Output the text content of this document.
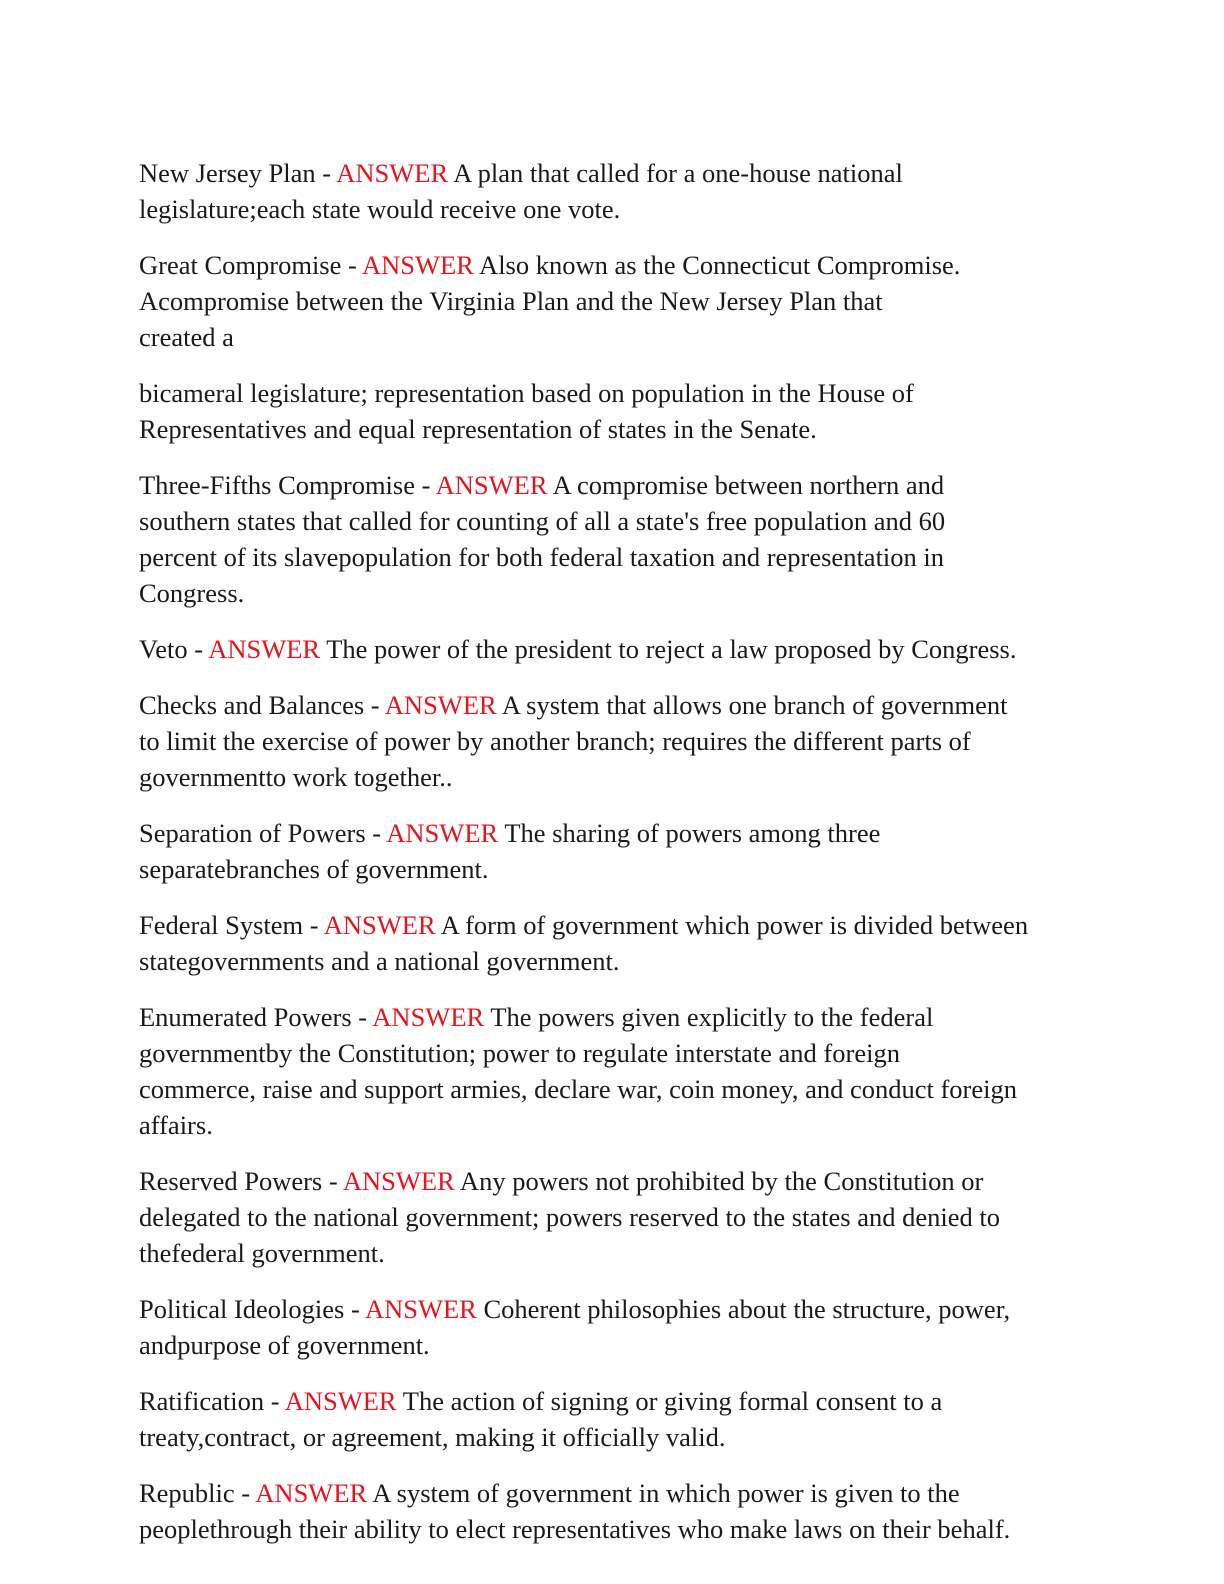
New Jersey Plan - ANSWER A plan that called for a one-house national
legislature;each state would receive one vote.

Great Compromise - ANSWER Also known as the Connecticut Compromise.
Acompromise between the Virginia Plan and the New Jersey Plan that
created a

bicameral legislature; representation based on population in the House of
Representatives and equal representation of states in the Senate.

Three-Fifths Compromise - ANSWER A compromise between northern and
southern states that called for counting of all a state's free population and 60
percent of its slavepopulation for both federal taxation and representation in
Congress.

Veto - ANSWER The power of the president to reject a law proposed by Congress.

Checks and Balances - ANSWER A system that allows one branch of government
to limit the exercise of power by another branch; requires the different parts of
governmentto work together..

Separation of Powers - ANSWER The sharing of powers among three
separatebranches of government.

Federal System - ANSWER A form of government which power is divided between
stategovernments and a national government.

Enumerated Powers - ANSWER The powers given explicitly to the federal
governmentby the Constitution; power to regulate interstate and foreign
commerce, raise and support armies, declare war, coin money, and conduct foreign
affairs.

Reserved Powers - ANSWER Any powers not prohibited by the Constitution or
delegated to the national government; powers reserved to the states and denied to
thefederal government.

Political Ideologies - ANSWER Coherent philosophies about the structure, power,
andpurpose of government.

Ratification - ANSWER The action of signing or giving formal consent to a
treaty,contract, or agreement, making it officially valid.

Republic - ANSWER A system of government in which power is given to the
peoplethrough their ability to elect representatives who make laws on their behalf.
